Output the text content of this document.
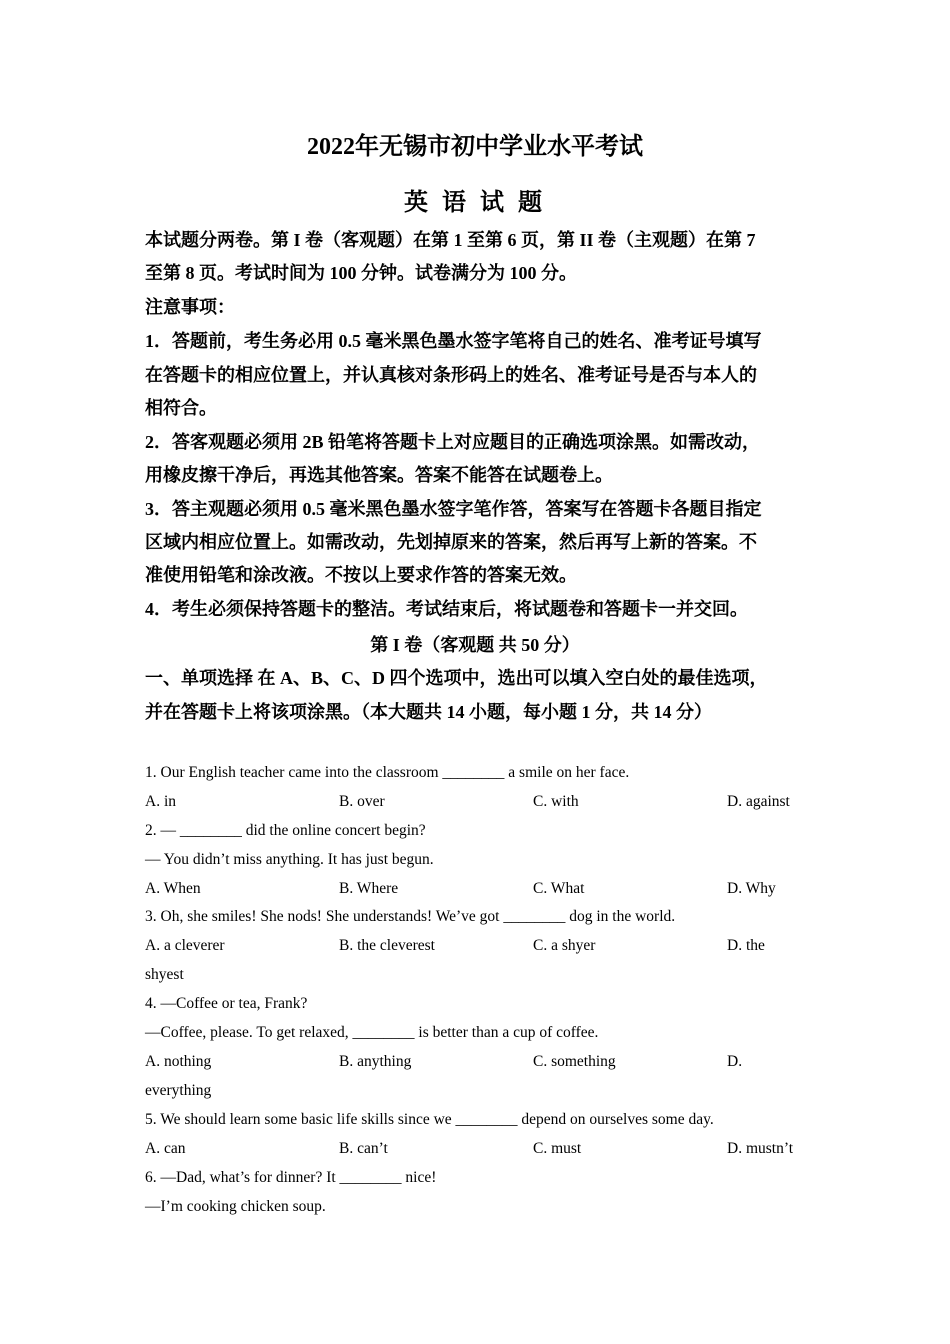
2022年无锡市初中学业水平考试
英 语 试 题
本试题分两卷。第 I 卷（客观题）在第 1 至第 6 页，第 II 卷（主观题）在第 7
至第 8 页。考试时间为 100 分钟。试卷满分为 100 分。
注意事项：
1．答题前，考生务必用 0.5 毫米黑色墨水签字笔将自己的姓名、准考证号填写
在答题卡的相应位置上，并认真核对条形码上的姓名、准考证号是否与本人的
相符合。
2．答客观题必须用 2B 铅笔将答题卡上对应题目的正确选项涂黑。如需改动，
用橡皮擦干净后，再选其他答案。答案不能答在试题卷上。
3．答主观题必须用 0.5 毫米黑色墨水签字笔作答，答案写在答题卡各题目指定
区域内相应位置上。如需改动，先划掉原来的答案，然后再写上新的答案。不
准使用铅笔和涂改液。不按以上要求作答的答案无效。
4．考生必须保持答题卡的整洁。考试结束后，将试题卷和答题卡一并交回。
第 I 卷（客观题 共 50 分）
一、单项选择 在 A、B、C、D 四个选项中，选出可以填入空白处的最佳选项，
并在答题卡上将该项涂黑。（本大题共 14 小题，每小题 1 分，共 14 分）
1. Our English teacher came into the classroom ________ a smile on her face.
A. in	B. over	C. with	D. against
2. — ________ did the online concert begin?
— You didn’t miss anything. It has just begun.
A. When	B. Where	C. What	D. Why
3. Oh, she smiles! She nods! She understands! We’ve got ________ dog in the world.
A. a cleverer	B. the cleverest	C. a shyer	D. the
shyest
4. —Coffee or tea, Frank?
—Coffee, please. To get relaxed, ________ is better than a cup of coffee.
A. nothing	B. anything	C. something	D.
everything
5. We should learn some basic life skills since we ________ depend on ourselves some day.
A. can	B. can’t	C. must	D. mustn’t
6. —Dad, what’s for dinner? It ________ nice!
—I’m cooking chicken soup.
